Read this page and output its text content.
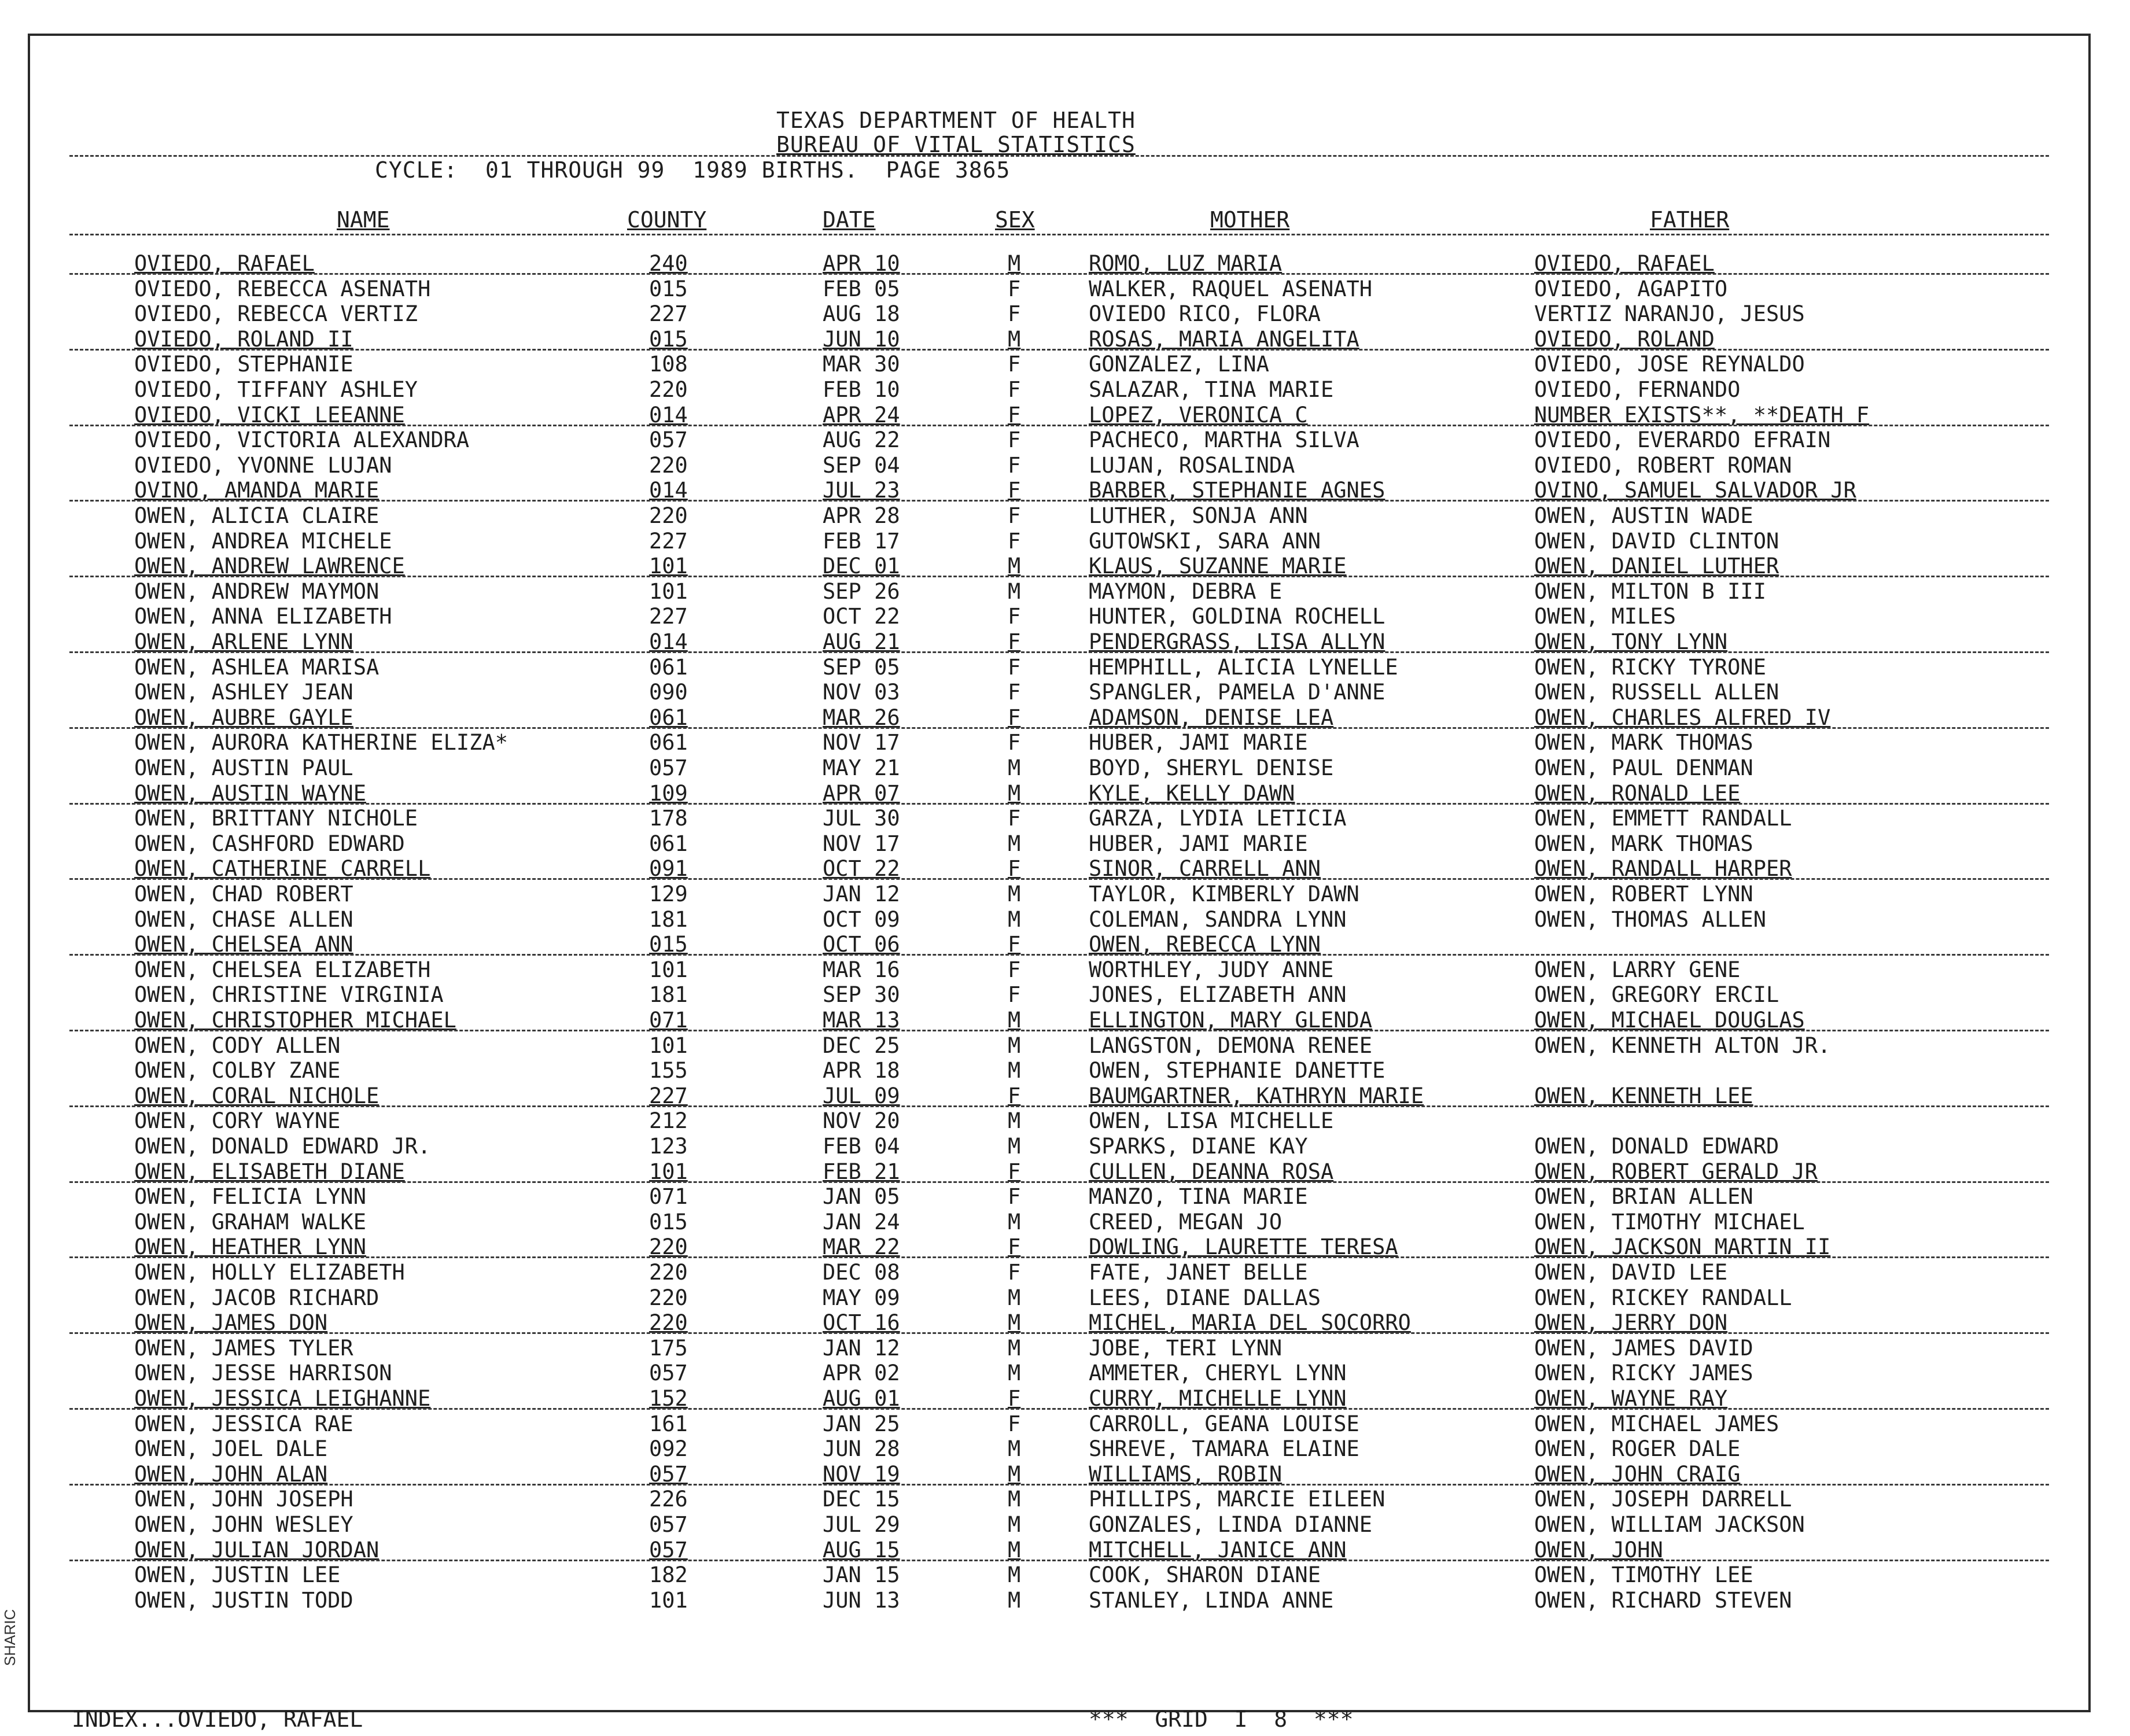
TEXAS DEPARTMENT OF HEALTH
BUREAU OF VITAL STATISTICS
CYCLE:  01 THROUGH 99  1989 BIRTHS.  PAGE 3865
NAME	COUNTY	DATE	SEX	MOTHER	FATHER
OVIEDO, RAFAEL	240	APR 10	M	ROMO, LUZ MARIA	OVIEDO, RAFAEL
OVIEDO, REBECCA ASENATH	015	FEB 05	F	WALKER, RAQUEL ASENATH	OVIEDO, AGAPITO
OVIEDO, REBECCA VERTIZ	227	AUG 18	F	OVIEDO RICO, FLORA	VERTIZ NARANJO, JESUS
OVIEDO, ROLAND II	015	JUN 10	M	ROSAS, MARIA ANGELITA	OVIEDO, ROLAND
OVIEDO, STEPHANIE	108	MAR 30	F	GONZALEZ, LINA	OVIEDO, JOSE REYNALDO
OVIEDO, TIFFANY ASHLEY	220	FEB 10	F	SALAZAR, TINA MARIE	OVIEDO, FERNANDO
OVIEDO, VICKI LEEANNE	014	APR 24	F	LOPEZ, VERONICA C	NUMBER EXISTS**, **DEATH F
OVIEDO, VICTORIA ALEXANDRA	057	AUG 22	F	PACHECO, MARTHA SILVA	OVIEDO, EVERARDO EFRAIN
OVIEDO, YVONNE LUJAN	220	SEP 04	F	LUJAN, ROSALINDA	OVIEDO, ROBERT ROMAN
OVINO, AMANDA MARIE	014	JUL 23	F	BARBER, STEPHANIE AGNES	OVINO, SAMUEL SALVADOR JR
OWEN, ALICIA CLAIRE	220	APR 28	F	LUTHER, SONJA ANN	OWEN, AUSTIN WADE
OWEN, ANDREA MICHELE	227	FEB 17	F	GUTOWSKI, SARA ANN	OWEN, DAVID CLINTON
OWEN, ANDREW LAWRENCE	101	DEC 01	M	KLAUS, SUZANNE MARIE	OWEN, DANIEL LUTHER
OWEN, ANDREW MAYMON	101	SEP 26	M	MAYMON, DEBRA E	OWEN, MILTON B III
OWEN, ANNA ELIZABETH	227	OCT 22	F	HUNTER, GOLDINA ROCHELL	OWEN, MILES
OWEN, ARLENE LYNN	014	AUG 21	F	PENDERGRASS, LISA ALLYN	OWEN, TONY LYNN
OWEN, ASHLEA MARISA	061	SEP 05	F	HEMPHILL, ALICIA LYNELLE	OWEN, RICKY TYRONE
OWEN, ASHLEY JEAN	090	NOV 03	F	SPANGLER, PAMELA D'ANNE	OWEN, RUSSELL ALLEN
OWEN, AUBRE GAYLE	061	MAR 26	F	ADAMSON, DENISE LEA	OWEN, CHARLES ALFRED IV
OWEN, AURORA KATHERINE ELIZA*	061	NOV 17	F	HUBER, JAMI MARIE	OWEN, MARK THOMAS
OWEN, AUSTIN PAUL	057	MAY 21	M	BOYD, SHERYL DENISE	OWEN, PAUL DENMAN
OWEN, AUSTIN WAYNE	109	APR 07	M	KYLE, KELLY DAWN	OWEN, RONALD LEE
OWEN, BRITTANY NICHOLE	178	JUL 30	F	GARZA, LYDIA LETICIA	OWEN, EMMETT RANDALL
OWEN, CASHFORD EDWARD	061	NOV 17	M	HUBER, JAMI MARIE	OWEN, MARK THOMAS
OWEN, CATHERINE CARRELL	091	OCT 22	F	SINOR, CARRELL ANN	OWEN, RANDALL HARPER
OWEN, CHAD ROBERT	129	JAN 12	M	TAYLOR, KIMBERLY DAWN	OWEN, ROBERT LYNN
OWEN, CHASE ALLEN	181	OCT 09	M	COLEMAN, SANDRA LYNN	OWEN, THOMAS ALLEN
OWEN, CHELSEA ANN	015	OCT 06	F	OWEN, REBECCA LYNN
OWEN, CHELSEA ELIZABETH	101	MAR 16	F	WORTHLEY, JUDY ANNE	OWEN, LARRY GENE
OWEN, CHRISTINE VIRGINIA	181	SEP 30	F	JONES, ELIZABETH ANN	OWEN, GREGORY ERCIL
OWEN, CHRISTOPHER MICHAEL	071	MAR 13	M	ELLINGTON, MARY GLENDA	OWEN, MICHAEL DOUGLAS
OWEN, CODY ALLEN	101	DEC 25	M	LANGSTON, DEMONA RENEE	OWEN, KENNETH ALTON JR.
OWEN, COLBY ZANE	155	APR 18	M	OWEN, STEPHANIE DANETTE
OWEN, CORAL NICHOLE	227	JUL 09	F	BAUMGARTNER, KATHRYN MARIE	OWEN, KENNETH LEE
OWEN, CORY WAYNE	212	NOV 20	M	OWEN, LISA MICHELLE
OWEN, DONALD EDWARD JR.	123	FEB 04	M	SPARKS, DIANE KAY	OWEN, DONALD EDWARD
OWEN, ELISABETH DIANE	101	FEB 21	F	CULLEN, DEANNA ROSA	OWEN, ROBERT GERALD JR
OWEN, FELICIA LYNN	071	JAN 05	F	MANZO, TINA MARIE	OWEN, BRIAN ALLEN
OWEN, GRAHAM WALKE	015	JAN 24	M	CREED, MEGAN JO	OWEN, TIMOTHY MICHAEL
OWEN, HEATHER LYNN	220	MAR 22	F	DOWLING, LAURETTE TERESA	OWEN, JACKSON MARTIN II
OWEN, HOLLY ELIZABETH	220	DEC 08	F	FATE, JANET BELLE	OWEN, DAVID LEE
OWEN, JACOB RICHARD	220	MAY 09	M	LEES, DIANE DALLAS	OWEN, RICKEY RANDALL
OWEN, JAMES DON	220	OCT 16	M	MICHEL, MARIA DEL SOCORRO	OWEN, JERRY DON
OWEN, JAMES TYLER	175	JAN 12	M	JOBE, TERI LYNN	OWEN, JAMES DAVID
OWEN, JESSE HARRISON	057	APR 02	M	AMMETER, CHERYL LYNN	OWEN, RICKY JAMES
OWEN, JESSICA LEIGHANNE	152	AUG 01	F	CURRY, MICHELLE LYNN	OWEN, WAYNE RAY
OWEN, JESSICA RAE	161	JAN 25	F	CARROLL, GEANA LOUISE	OWEN, MICHAEL JAMES
OWEN, JOEL DALE	092	JUN 28	M	SHREVE, TAMARA ELAINE	OWEN, ROGER DALE
OWEN, JOHN ALAN	057	NOV 19	M	WILLIAMS, ROBIN	OWEN, JOHN CRAIG
OWEN, JOHN JOSEPH	226	DEC 15	M	PHILLIPS, MARCIE EILEEN	OWEN, JOSEPH DARRELL
OWEN, JOHN WESLEY	057	JUL 29	M	GONZALES, LINDA DIANNE	OWEN, WILLIAM JACKSON
OWEN, JULIAN JORDAN	057	AUG 15	M	MITCHELL, JANICE ANN	OWEN, JOHN
OWEN, JUSTIN LEE	182	JAN 15	M	COOK, SHARON DIANE	OWEN, TIMOTHY LEE
OWEN, JUSTIN TODD	101	JUN 13	M	STANLEY, LINDA ANNE	OWEN, RICHARD STEVEN
INDEX...OVIEDO, RAFAEL	***  GRID  I  8  ***
SHARIC
